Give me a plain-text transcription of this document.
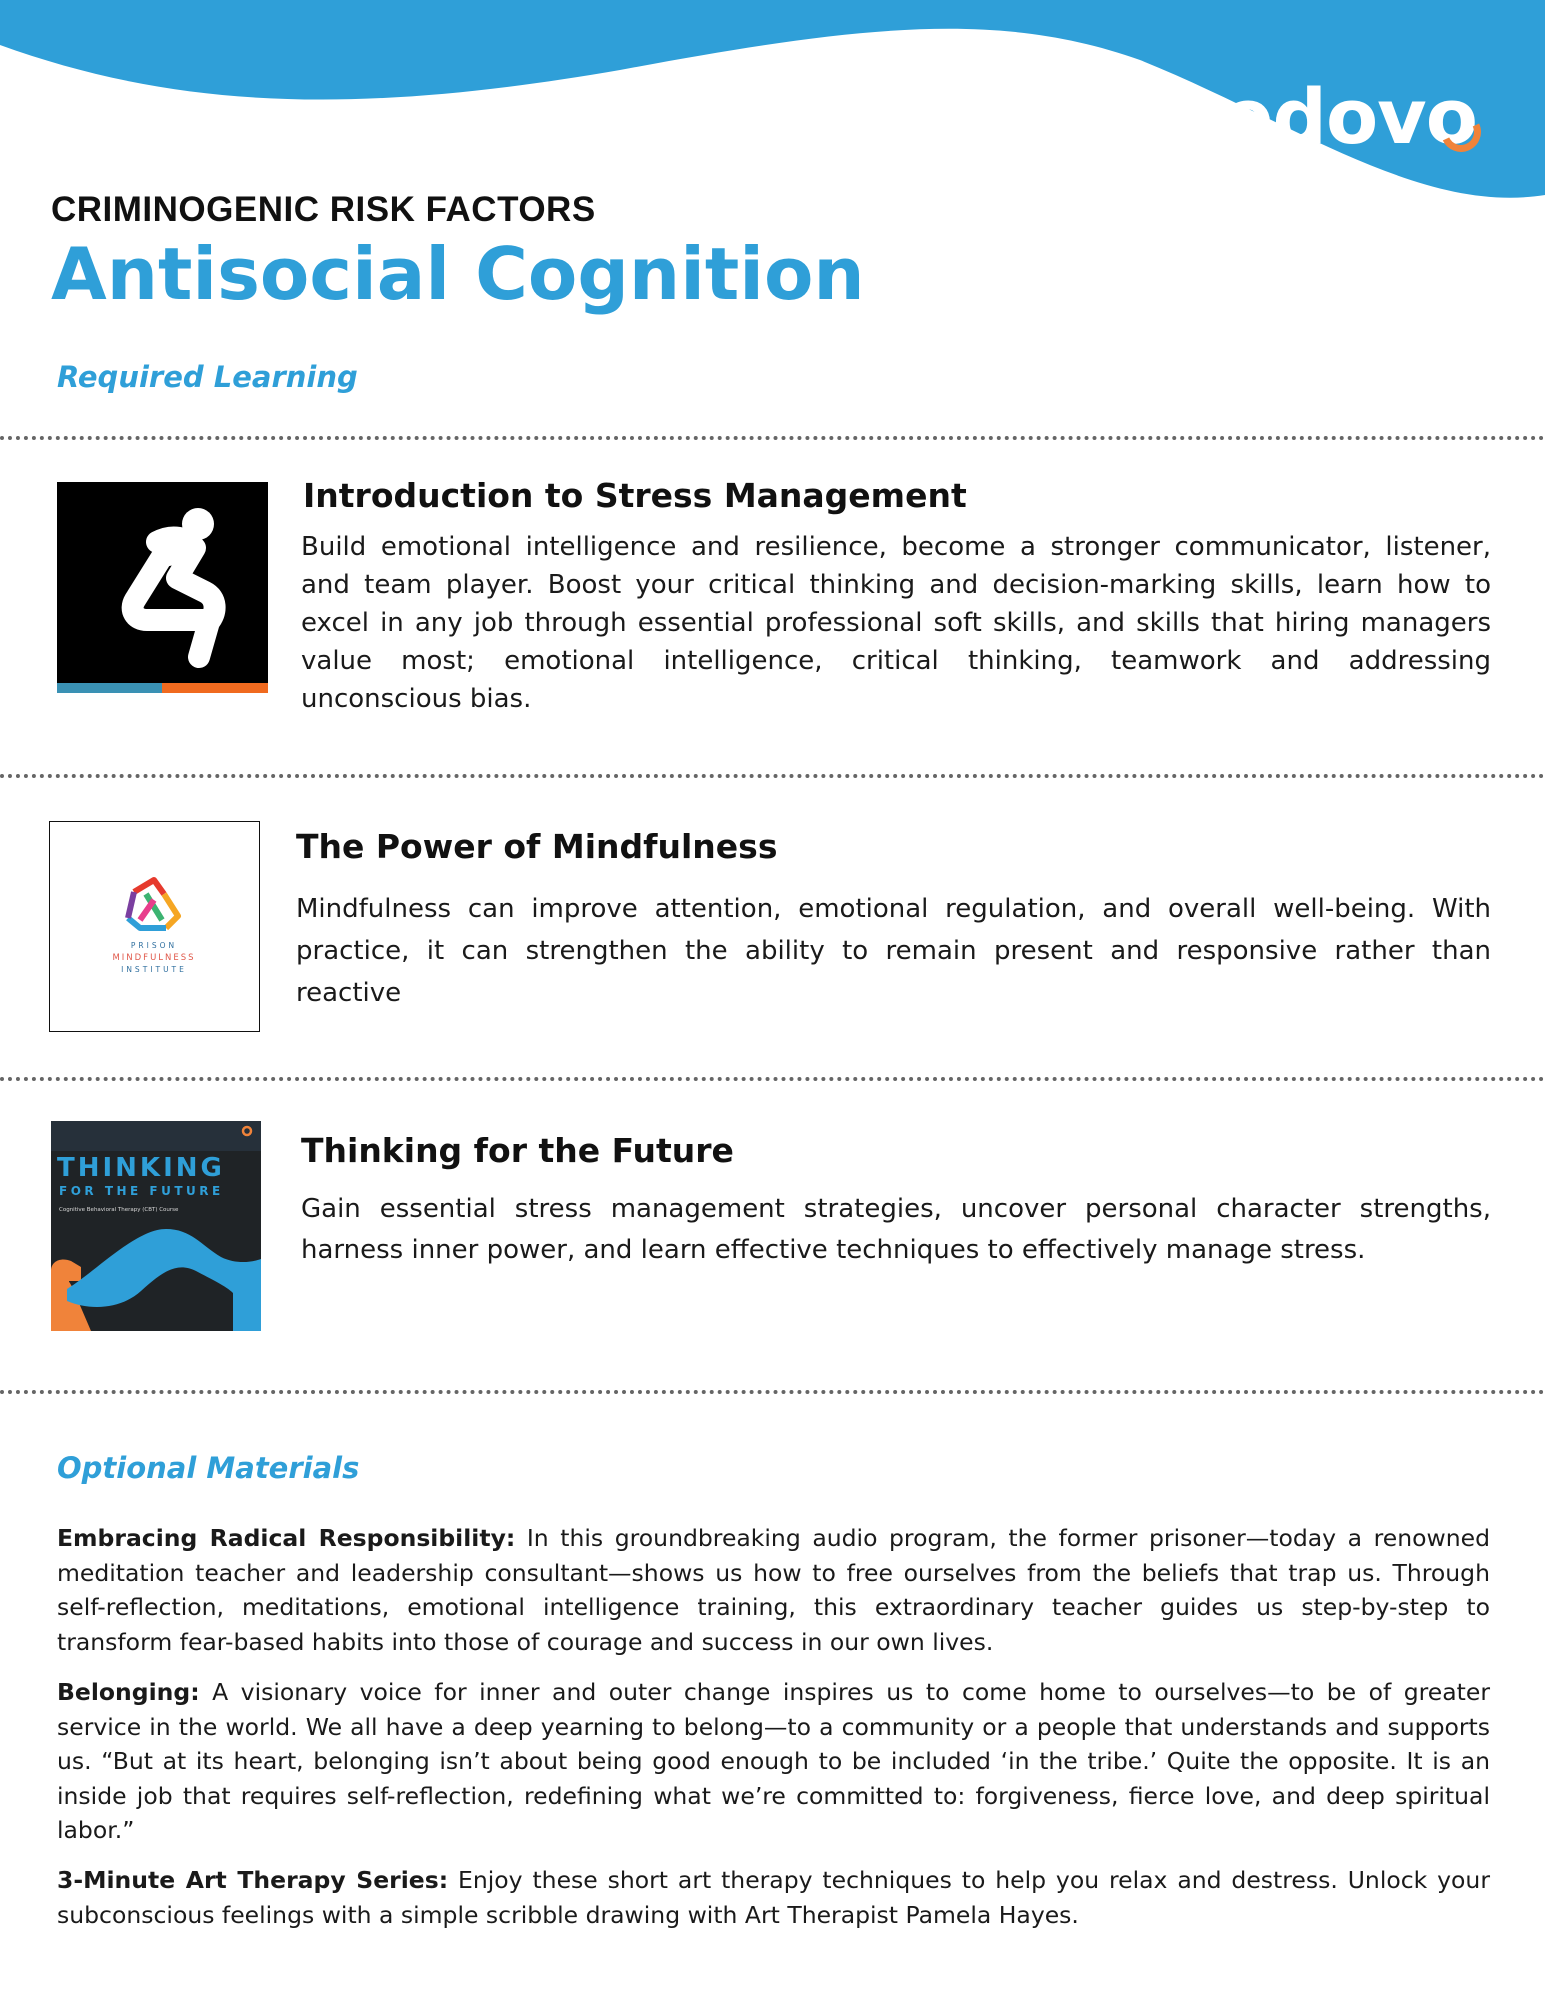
edovo
CRIMINOGENIC RISK FACTORS
Antisocial Cognition
Required Learning
Introduction to Stress Management
Build emotional intelligence and resilience, become a stronger communicator, listener, and team player. Boost your critical thinking and decision-marking skills, learn how to excel in any job through essential professional soft skills, and skills that hiring managers value most; emotional intelligence, critical thinking, teamwork and addressing unconscious bias.
PRISON
MINDFULNESS
INSTITUTE
The Power of Mindfulness
Mindfulness can improve attention, emotional regulation, and overall well-being. With practice, it can strengthen the ability to remain present and responsive rather than reactive
THINKING
FOR THE FUTURE
Cognitive Behavioral Therapy (CBT) Course
Thinking for the Future
Gain essential stress management strategies, uncover personal character strengths, harness inner power, and learn effective techniques to effectively manage stress.
Optional Materials
Embracing Radical Responsibility: In this groundbreaking audio program, the former prisoner—today a renowned meditation teacher and leadership consultant—shows us how to free ourselves from the beliefs that trap us. Through self-reflection, meditations, emotional intelligence training, this extraordinary teacher guides us step-by-step to transform fear-based habits into those of courage and success in our own lives.
Belonging: A visionary voice for inner and outer change inspires us to come home to ourselves—to be of greater service in the world. We all have a deep yearning to belong—to a community or a people that understands and supports us. “But at its heart, belonging isn’t about being good enough to be included ‘in the tribe.’ Quite the opposite. It is an inside job that requires self-reflection, redefining what we’re committed to: forgiveness, fierce love, and deep spiritual labor.”
3-Minute Art Therapy Series: Enjoy these short art therapy techniques to help you relax and destress. Unlock your subconscious feelings with a simple scribble drawing with Art Therapist Pamela Hayes.
